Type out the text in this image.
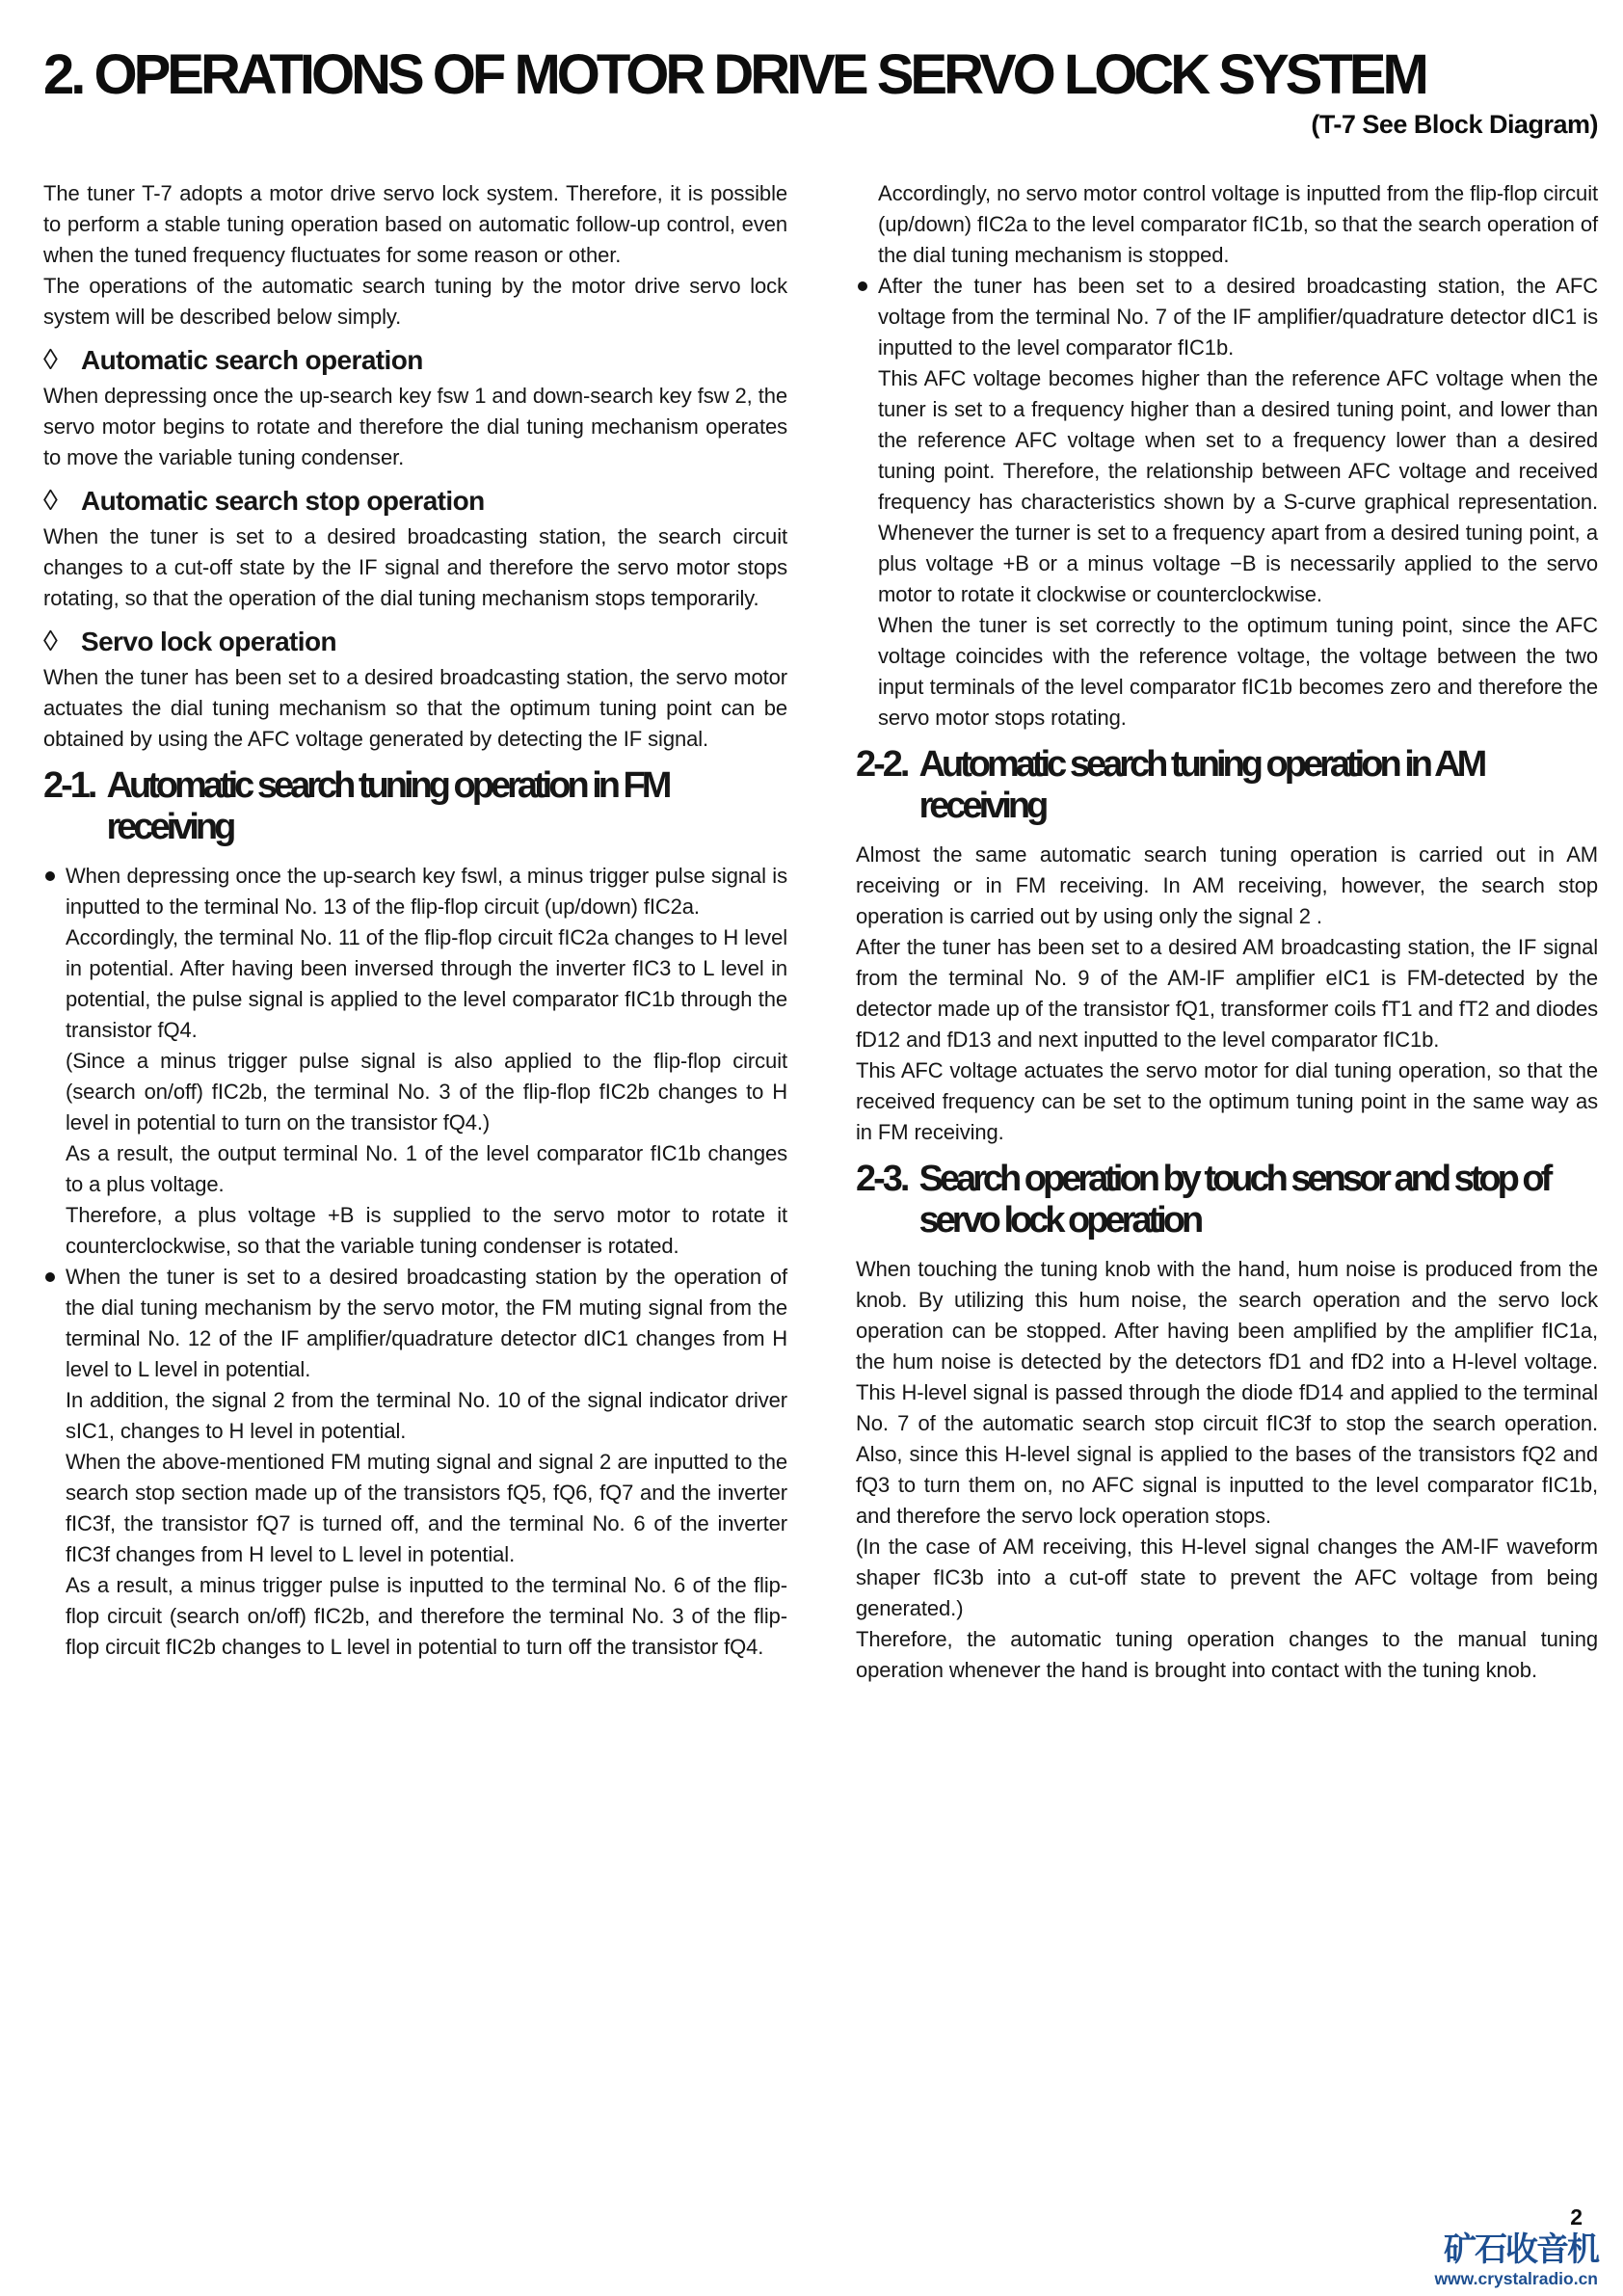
2. OPERATIONS OF MOTOR DRIVE SERVO LOCK SYSTEM
(T-7 See Block Diagram)

The tuner T-7 adopts a motor drive servo lock system. Therefore, it is possible to perform a stable tuning operation based on automatic follow-up control, even when the tuned frequency fluctuates for some reason or other.

The operations of the automatic search tuning by the motor drive servo lock system will be described below simply.

◊ Automatic search operation

When depressing once the up-search key fsw 1 and down-search key fsw 2, the servo motor begins to rotate and therefore the dial tuning mechanism operates to move the variable tuning condenser.

◊ Automatic search stop operation

When the tuner is set to a desired broadcasting station, the search circuit changes to a cut-off state by the IF signal and therefore the servo motor stops rotating, so that the operation of the dial tuning mechanism stops temporarily.

◊ Servo lock operation

When the tuner has been set to a desired broadcasting station, the servo motor actuates the dial tuning mechanism so that the optimum tuning point can be obtained by using the AFC voltage generated by detecting the IF signal.

2-1. Automatic search tuning operation in FM receiving

When depressing once the up-search key fswl, a minus trigger pulse signal is inputted to the terminal No. 13 of the flip-flop circuit (up/down) fIC2a.

Accordingly, the terminal No. 11 of the flip-flop circuit fIC2a changes to H level in potential. After having been inversed through the inverter fIC3 to L level in potential, the pulse signal is applied to the level comparator fIC1b through the transistor fQ4.

(Since a minus trigger pulse signal is also applied to the flip-flop circuit (search on/off) fIC2b, the terminal No. 3 of the flip-flop fIC2b changes to H level in potential to turn on the transistor fQ4.)

As a result, the output terminal No. 1 of the level comparator fIC1b changes to a plus voltage.

Therefore, a plus voltage +B is supplied to the servo motor to rotate it counterclockwise, so that the variable tuning condenser is rotated.

When the tuner is set to a desired broadcasting station by the operation of the dial tuning mechanism by the servo motor, the FM muting signal from the terminal No. 12 of the IF amplifier/quadrature detector dIC1 changes from H level to L level in potential.

In addition, the signal 2 from the terminal No. 10 of the signal indicator driver sIC1, changes to H level in potential.

When the above-mentioned FM muting signal and signal 2 are inputted to the search stop section made up of the transistors fQ5, fQ6, fQ7 and the inverter fIC3f, the transistor fQ7 is turned off, and the terminal No. 6 of the inverter fIC3f changes from H level to L level in potential.

As a result, a minus trigger pulse is inputted to the terminal No. 6 of the flip-flop circuit (search on/off) fIC2b, and therefore the terminal No. 3 of the flip-flop circuit fIC2b changes to L level in potential to turn off the transistor fQ4.

Accordingly, no servo motor control voltage is inputted from the flip-flop circuit (up/down) fIC2a to the level comparator fIC1b, so that the search operation of the dial tuning mechanism is stopped.

After the tuner has been set to a desired broadcasting station, the AFC voltage from the terminal No. 7 of the IF amplifier/quadrature detector dIC1 is inputted to the level comparator fIC1b.

This AFC voltage becomes higher than the reference AFC voltage when the tuner is set to a frequency higher than a desired tuning point, and lower than the reference AFC voltage when set to a frequency lower than a desired tuning point. Therefore, the relationship between AFC voltage and received frequency has characteristics shown by a S-curve graphical representation. Whenever the turner is set to a frequency apart from a desired tuning point, a plus voltage +B or a minus voltage −B is necessarily applied to the servo motor to rotate it clockwise or counterclockwise.

When the tuner is set correctly to the optimum tuning point, since the AFC voltage coincides with the reference voltage, the voltage between the two input terminals of the level comparator fIC1b becomes zero and therefore the servo motor stops rotating.

2-2. Automatic search tuning operation in AM receiving

Almost the same automatic search tuning operation is carried out in AM receiving or in FM receiving. In AM receiving, however, the search stop operation is carried out by using only the signal 2 .

After the tuner has been set to a desired AM broadcasting station, the IF signal from the terminal No. 9 of the AM-IF amplifier eIC1 is FM-detected by the detector made up of the transistor fQ1, transformer coils fT1 and fT2 and diodes fD12 and fD13 and next inputted to the level comparator fIC1b.

This AFC voltage actuates the servo motor for dial tuning operation, so that the received frequency can be set to the optimum tuning point in the same way as in FM receiving.

2-3. Search operation by touch sensor and stop of servo lock operation

When touching the tuning knob with the hand, hum noise is produced from the knob. By utilizing this hum noise, the search operation and the servo lock operation can be stopped. After having been amplified by the amplifier fIC1a, the hum noise is detected by the detectors fD1 and fD2 into a H-level voltage. This H-level signal is passed through the diode fD14 and applied to the terminal No. 7 of the automatic search stop circuit fIC3f to stop the search operation. Also, since this H-level signal is applied to the bases of the transistors fQ2 and fQ3 to turn them on, no AFC signal is inputted to the level comparator fIC1b, and therefore the servo lock operation stops.

(In the case of AM receiving, this H-level signal changes the AM-IF waveform shaper fIC3b into a cut-off state to prevent the AFC voltage from being generated.)

Therefore, the automatic tuning operation changes to the manual tuning operation whenever the hand is brought into contact with the tuning knob.

2
矿石收音机
www.crystalradio.cn
